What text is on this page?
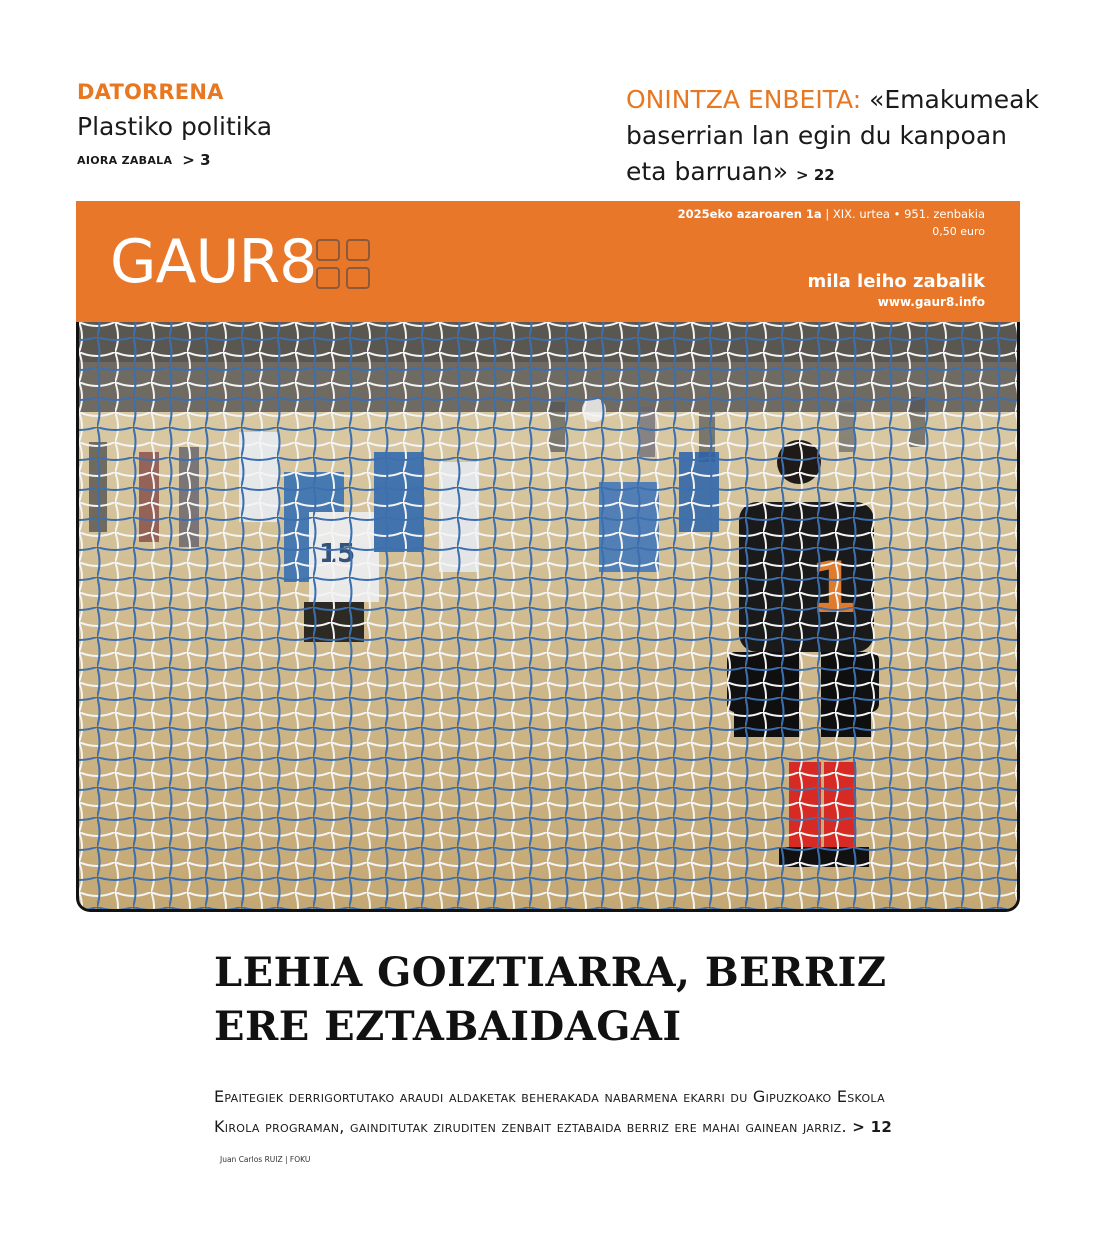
DATORRENA
Plastiko politika
AIORA ZABALA > 3
ONINTZA ENBEITA: «Emakumeak baserrian lan egin du kanpoan eta barruan» > 22
GAUR8
2025eko azaroaren 1a | XIX. urtea • 951. zenbakia
0,50 euro
mila leiho zabalik
www.gaur8.info
LEHIA GOIZTIARRA, BERRIZ ERE EZTABAIDAGAI

Epaitegiek derrigortutako araudi aldaketak beherakada nabarmena ekarri du Gipuzkoako Eskola Kirola programan, gainditutak ziruditen zenbait eztabaida berriz ere mahai gainean jarriz. > 12 Juan Carlos RUIZ | FOKU
